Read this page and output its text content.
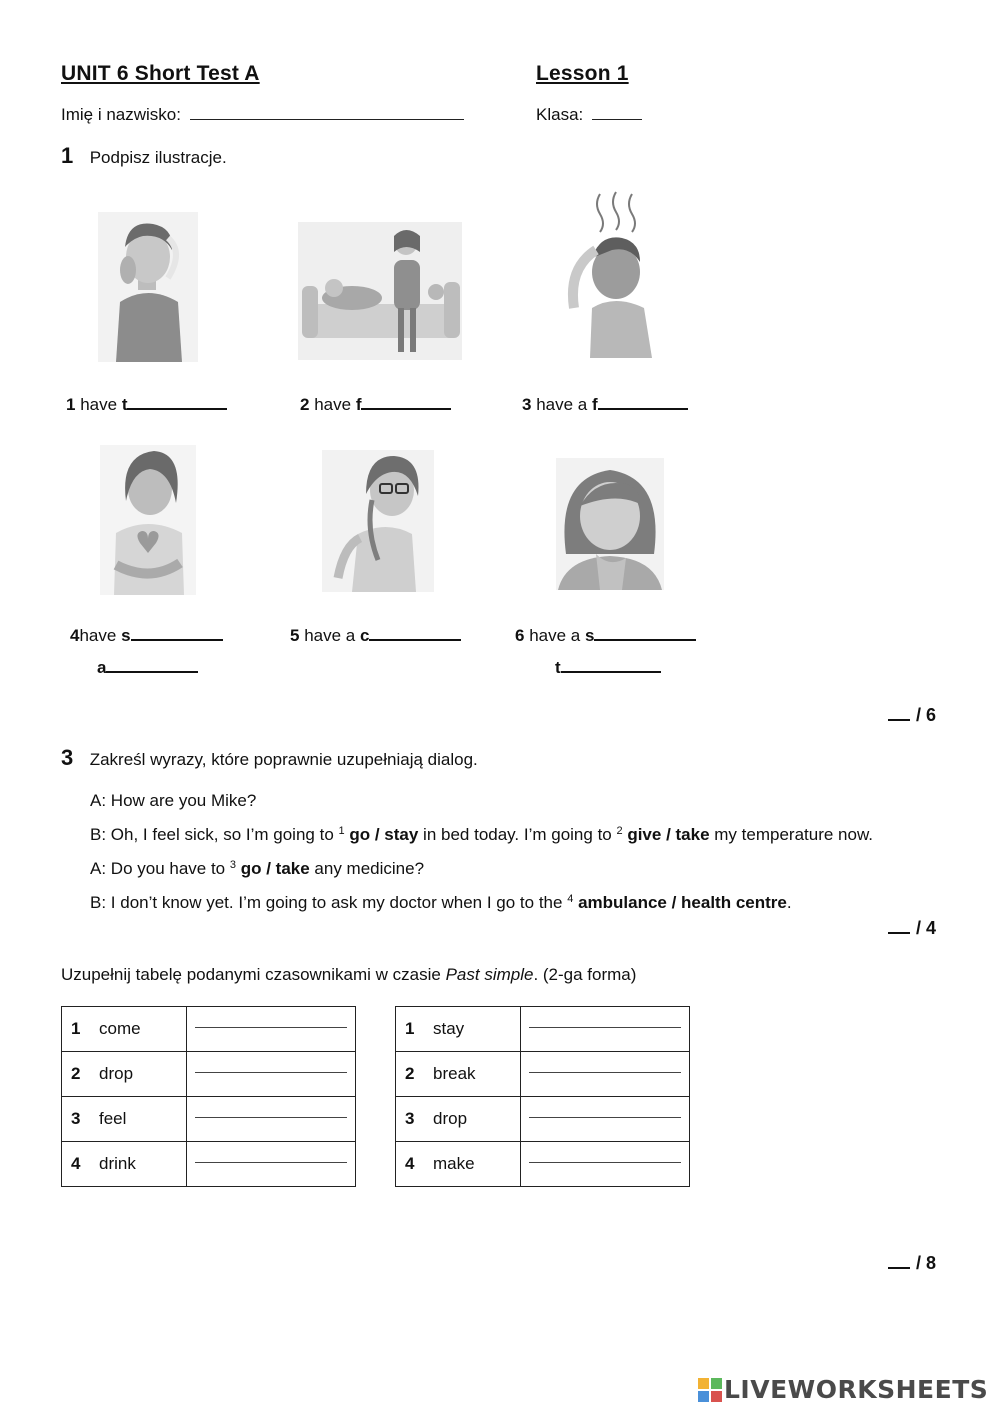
UNIT 6 Short Test A	Lesson 1
Imię i nazwisko:	Klasa:
1 Podpisz ilustracje.
1 have t	2 have f	3 have a f
4have s
a
5 have a c	6 have a s
t
/ 6
3 Zakreśl wyrazy, które poprawnie uzupełniają dialog.
A: How are you Mike?
B: Oh, I feel sick, so I’m going to $^1$ go / stay in bed today. I’m going to $^2$ give / take my temperature now.
A: Do you have to $^3$ go / take any medicine?
B: I don’t know yet. I’m going to ask my doctor when I go to the $^4$ ambulance / health centre.
/ 4
Uzupełnij tabelę podanymi czasownikami w czasie Past simple. (2-ga forma)
1 come	

2 drop	

3 feel	

4 drink	
1 stay	

2 break	

3 drop	

4 make	
/ 8
LIVEWORKSHEETS
